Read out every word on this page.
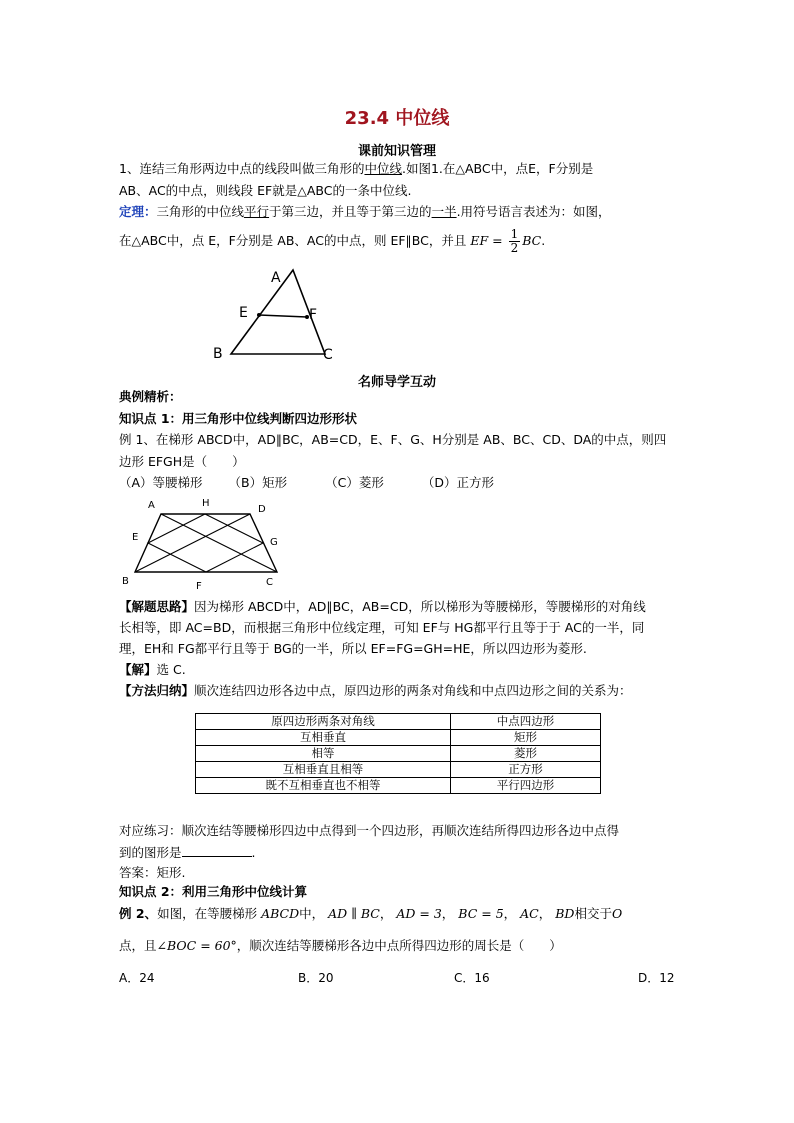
23.4 中位线
课前知识管理
1、连结三角形两边中点的线段叫做三角形的中位线.如图1.在△ABC中，点E，F分别是
AB、AC的中点，则线段 EF就是△ABC的一条中位线.
定理：三角形的中位线平行于第三边，并且等于第三边的一半.用符号语言表述为：如图，
在△ABC中，点 E，F分别是 AB、AC的中点，则 EF∥BC，并且 EF = $\frac{1}{2}$ BC.
A
E	F
B	C
名师导学互动
典例精析：
知识点 1：用三角形中位线判断四边形形状
例 1、在梯形 ABCD中，AD∥BC，AB=CD，E、F、G、H分别是 AB、BC、CD、DA的中点，则四
边形 EFGH是（　　）
（A）等腰梯形 （B）矩形	（C）菱形	（D）正方形
A	H
D
E	G
B	F	C
【解题思路】因为梯形 ABCD中，AD∥BC，AB=CD，所以梯形为等腰梯形，等腰梯形的对角线
长相等，即 AC=BD，而根据三角形中位线定理，可知 EF与 HG都平行且等于于 AC的一半，同
理，EH和 FG都平行且等于 BG的一半，所以 EF=FG=GH=HE，所以四边形为菱形.
【解】选 C.
【方法归纳】顺次连结四边形各边中点，原四边形的两条对角线和中点四边形之间的关系为：
原四边形两条对角线	中点四边形
互相垂直	矩形
相等	菱形
互相垂直且相等	正方形
既不互相垂直也不相等	平行四边形
对应练习：顺次连结等腰梯形四边中点得到一个四边形，再顺次连结所得四边形各边中点得
到的图形是	.
答案：矩形.
知识点 2：利用三角形中位线计算
例 2、如图，在等腰梯形 ABCD中， AD ∥ BC， AD = 3， BC = 5， AC， BD相交于O
点，且∠BOC = 60°，顺次连结等腰梯形各边中点所得四边形的周长是（　　）
A．24	B．20	C．16	D．12
